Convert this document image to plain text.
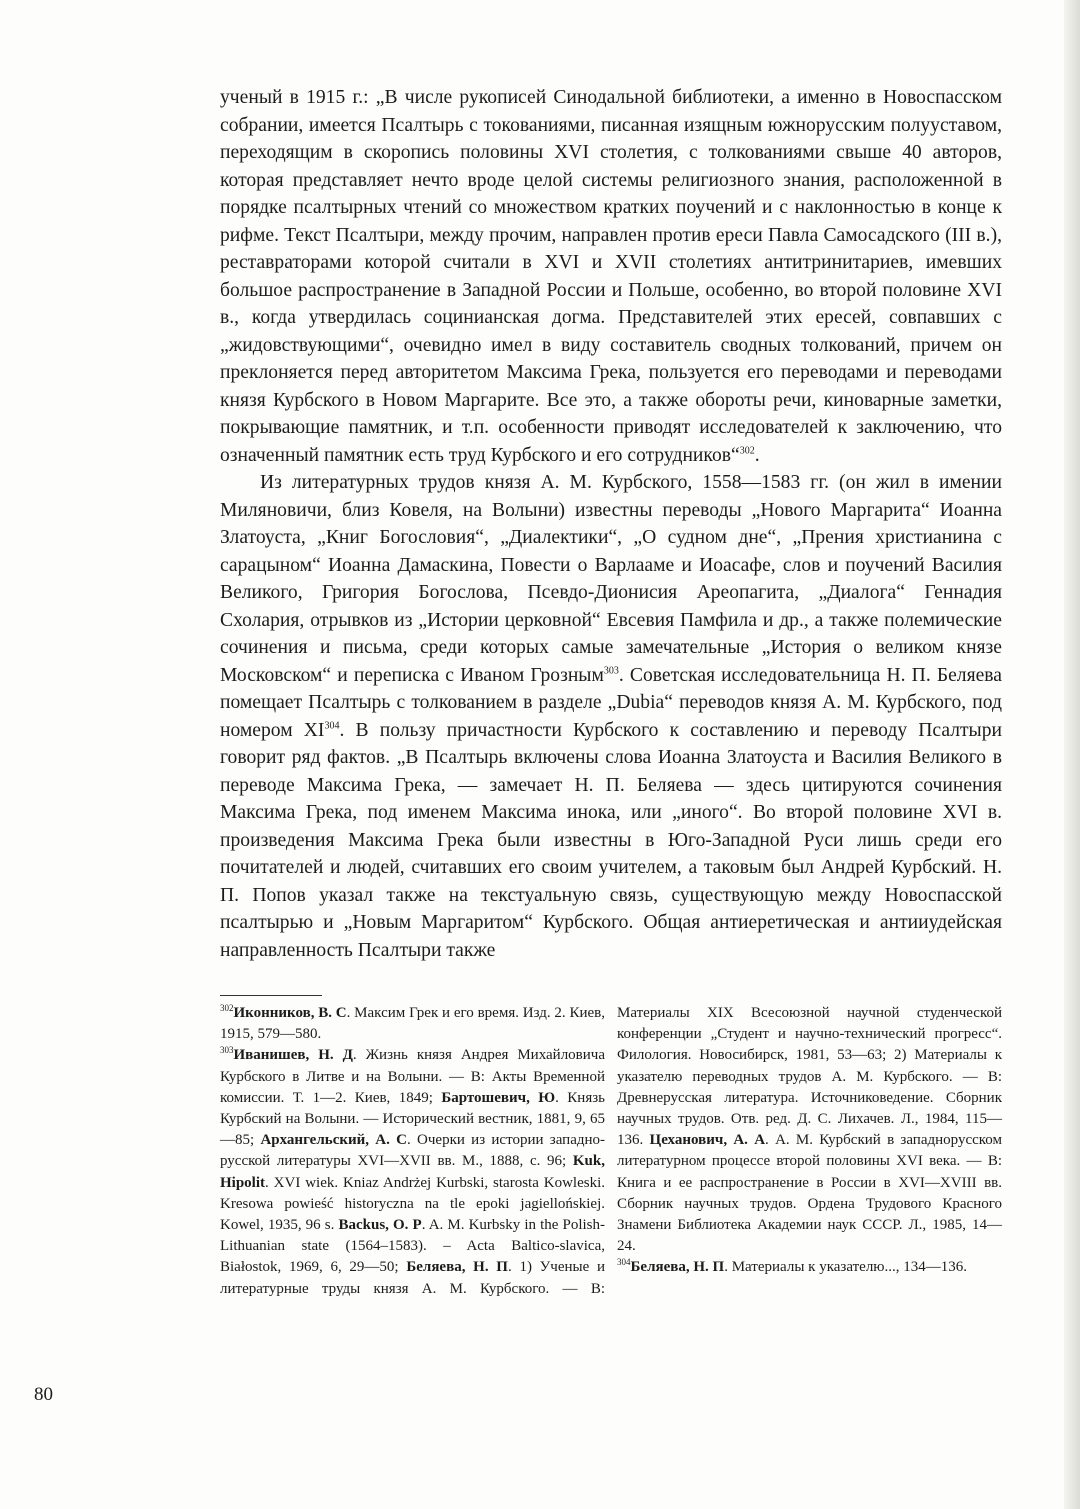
ученый в 1915 г.: „В числе рукописей Синодальной библиотеки, а именно в Новоспасском собрании, имеется Псалтырь с токованиями, писанная изящным южнорусским полууставом, переходящим в скоропись половины XVI столетия, с толкованиями свыше 40 авторов, которая представляет нечто вроде целой системы религиозного знания, расположенной в порядке псалтырных чтений со множеством кратких поучений и с наклонностью в конце к рифме. Текст Псалтыри, между прочим, направлен против ереси Павла Самосадского (III в.), реставраторами которой считали в XVI и XVII столетиях антитринитариев, имевших большое распространение в Западной России и Польше, особенно, во второй половине XVI в., когда утвердилась социнианская догма. Представителей этих ересей, совпавших с „жидовствующими“, очевидно имел в виду составитель сводных толкований, причем он преклоняется перед авторитетом Максима Грека, пользуется его переводами и переводами князя Курбского в Новом Маргарите. Все это, а также обороты речи, киноварные заметки, покрывающие памятник, и т.п. особенности приводят исследователей к заключению, что означенный памятник есть труд Курбского и его сотрудников“$^{302}$.

Из литературных трудов князя А. М. Курбского, 1558—1583 гг. (он жил в имении Миляновичи, близ Ковеля, на Волыни) известны переводы „Нового Маргарита“ Иоанна Златоуста, „Книг Богословия“, „Диалектики“, „О судном дне“, „Прения христианина с сарацыном“ Иоанна Дамаскина, Повести о Варлааме и Иоасафе, слов и поучений Василия Великого, Григория Богослова, Псевдо-Дионисия Ареопагита, „Диалога“ Геннадия Схолария, отрывков из „Истории церковной“ Евсевия Памфила и др., а также полемические сочинения и письма, среди которых самые замечательные „История о великом князе Московском“ и переписка с Иваном Грозным$^{303}$. Советская исследовательница Н. П. Беляева помещает Псалтырь с толкованием в разделе „Dubia“ переводов князя А. М. Курбского, под номером XI$^{304}$. В пользу причастности Курбского к составлению и переводу Псалтыри говорит ряд фактов. „В Псалтырь включены слова Иоанна Златоуста и Василия Великого в переводе Максима Грека, — замечает Н. П. Беляева — здесь цитируются сочинения Максима Грека, под именем Максима инока, или „иного“. Во второй половине XVI в. произведения Максима Грека были известны в Юго-Западной Руси лишь среди его почитателей и людей, считавших его своим учителем, а таковым был Андрей Курбский. Н. П. Попов указал также на текстуальную связь, существующую между Новоспасской псалтырью и „Новым Маргаритом“ Курбского. Общая антиеретическая и антииудейская направленность Псалтыри также

$^{302}$Иконников, В. С. Максим Грек и его время. Изд. 2. Киев, 1915, 579—580.

$^{303}$Иванишев, Н. Д. Жизнь князя Андрея Михайловича Курбского в Литве и на Волыни. — В: Акты Временной комиссии. Т. 1—2. Киев, 1849; Бартошевич, Ю. Князь Курбский на Волыни. — Исторический вестник, 1881, 9, 65—85; Архангельский, А. С. Очерки из истории западно-русской литературы XVI—XVII вв. М., 1888, с. 96; Kuk, Hipolit. XVI wiek. Kniaz Andrżej Kurbski, starosta Kowleski. Kresowa powieść historyczna na tle epoki jagiellońskiej. Kowel, 1935, 96 s. Backus, O. P. A. M. Kurbsky in the Polish-Lithuanian state (1564–1583). – Acta Baltico-slavica, Białostok, 1969, 6, 29—50; Беляева, Н. П. 1) Ученые и литературные труды князя А. М. Курбского. — В: Материалы XIX Всесоюзной научной студенческой конференции „Студент и научно-технический прогресс“. Филология. Новосибирск, 1981, 53—63; 2) Материалы к указателю переводных трудов А. М. Курбского. — В: Древнерусская литература. Источниковедение. Сборник научных трудов. Отв. ред. Д. С. Лихачев. Л., 1984, 115—136. Цеханович, А. А. А. М. Курбский в западнорусском литературном процессе второй половины XVI века. — В: Книга и ее распространение в России в XVI—XVIII вв. Сборник научных трудов. Ордена Трудового Красного Знамени Библиотека Академии наук СССР. Л., 1985, 14—24.

$^{304}$Беляева, Н. П. Материалы к указателю..., 134—136.

80
